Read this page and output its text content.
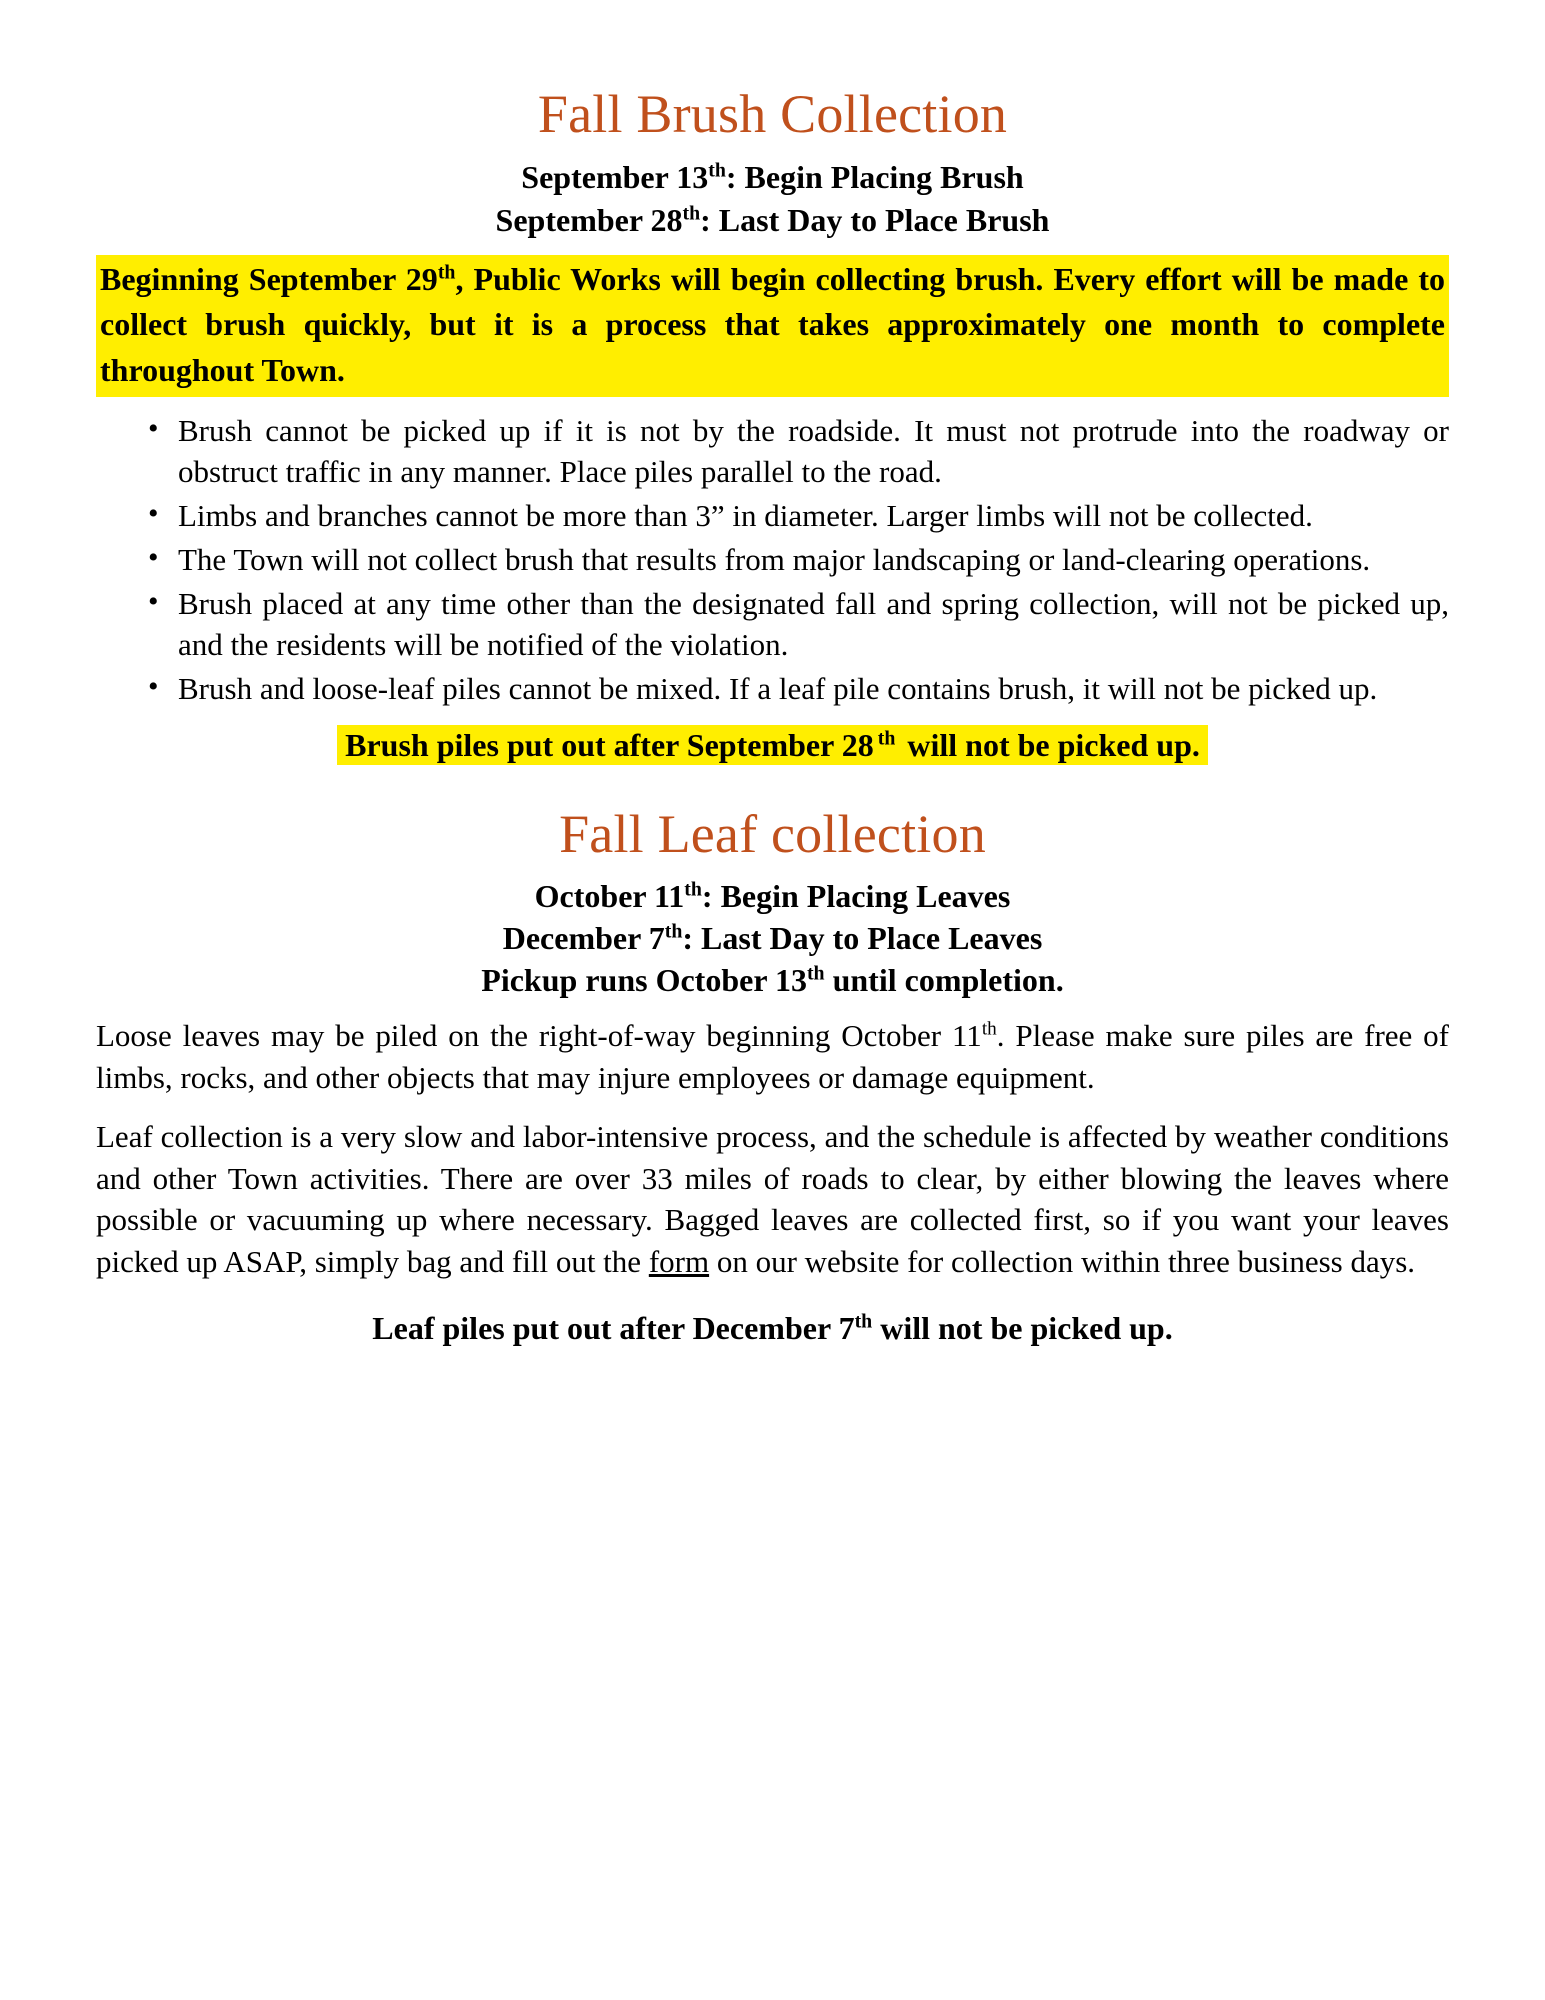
Fall Brush Collection

September 13th: Begin Placing Brush

September 28th: Last Day to Place Brush

Beginning September 29th, Public Works will begin collecting brush. Every effort will be made to collect brush quickly, but it is a process that takes approximately one month to complete throughout Town.

• Brush cannot be picked up if it is not by the roadside. It must not protrude into the roadway or obstruct traffic in any manner. Place piles parallel to the road.
• Limbs and branches cannot be more than 3” in diameter. Larger limbs will not be collected.
• The Town will not collect brush that results from major landscaping or land-clearing operations.
• Brush placed at any time other than the designated fall and spring collection, will not be picked up, and the residents will be notified of the violation.
• Brush and loose-leaf piles cannot be mixed. If a leaf pile contains brush, it will not be picked up.

Brush piles put out after September 28 $^{th}$ will not be picked up.

Fall Leaf collection

October 11th: Begin Placing Leaves

December 7th: Last Day to Place Leaves

Pickup runs October 13th until completion.

Loose leaves may be piled on the right-of-way beginning October 11th. Please make sure piles are free of limbs, rocks, and other objects that may injure employees or damage equipment.

Leaf collection is a very slow and labor-intensive process, and the schedule is affected by weather conditions and other Town activities. There are over 33 miles of roads to clear, by either blowing the leaves where possible or vacuuming up where necessary. Bagged leaves are collected first, so if you want your leaves picked up ASAP, simply bag and fill out the form on our website for collection within three business days.

Leaf piles put out after December 7th will not be picked up.
